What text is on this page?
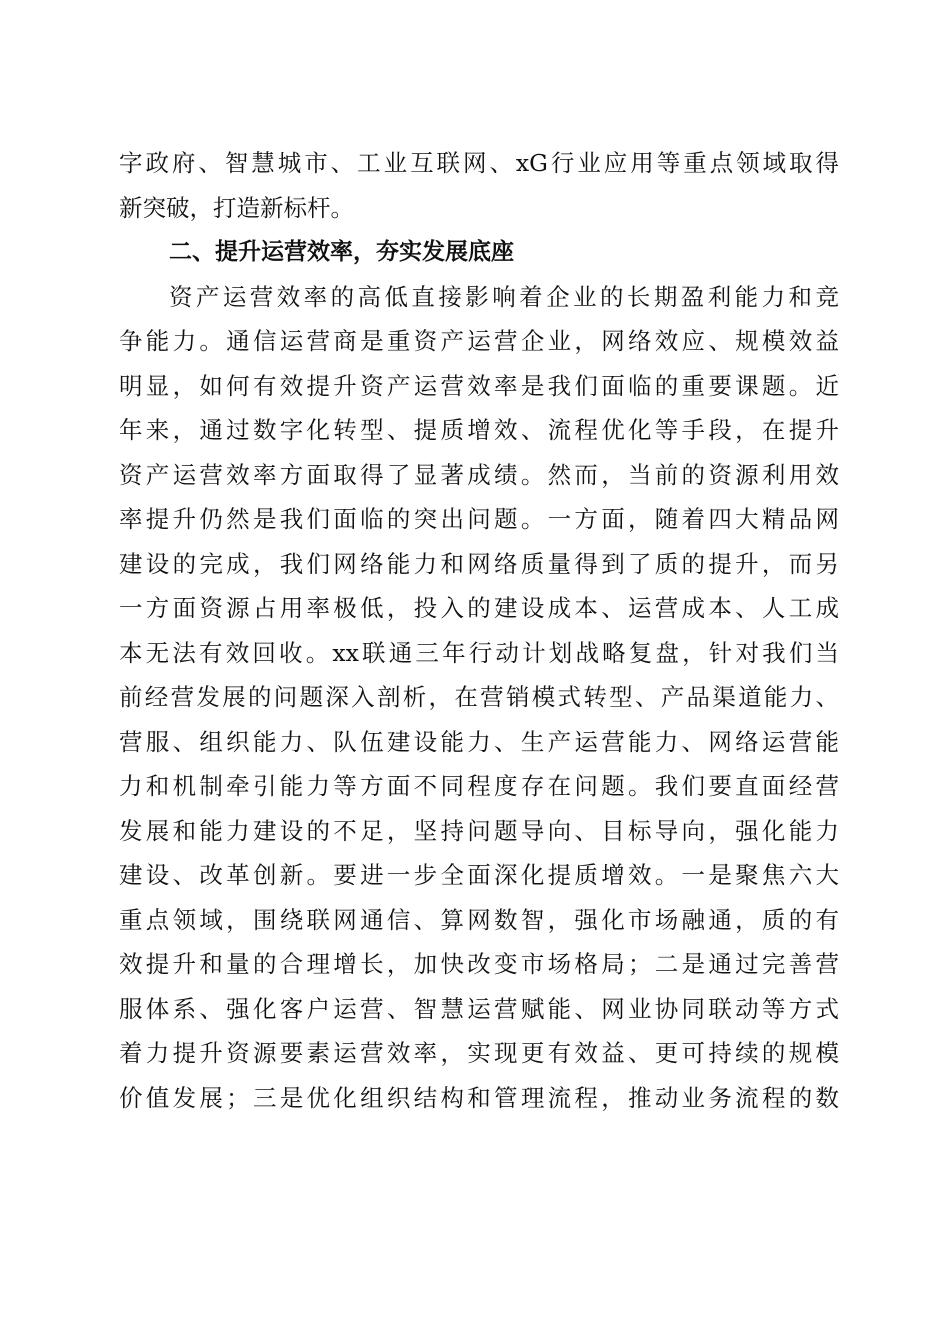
字政府、智慧城市、工业互联网、xG行业应用等重点领域取得
新突破，打造新标杆。
二、提升运营效率，夯实发展底座
资产运营效率的高低直接影响着企业的长期盈利能力和竞
争能力。通信运营商是重资产运营企业，网络效应、规模效益
明显，如何有效提升资产运营效率是我们面临的重要课题。近
年来，通过数字化转型、提质增效、流程优化等手段，在提升
资产运营效率方面取得了显著成绩。然而，当前的资源利用效
率提升仍然是我们面临的突出问题。一方面，随着四大精品网
建设的完成，我们网络能力和网络质量得到了质的提升，而另
一方面资源占用率极低，投入的建设成本、运营成本、人工成
本无法有效回收。xx联通三年行动计划战略复盘，针对我们当
前经营发展的问题深入剖析，在营销模式转型、产品渠道能力、
营服、组织能力、队伍建设能力、生产运营能力、网络运营能
力和机制牵引能力等方面不同程度存在问题。我们要直面经营
发展和能力建设的不足，坚持问题导向、目标导向，强化能力
建设、改革创新。要进一步全面深化提质增效。一是聚焦六大
重点领域，围绕联网通信、算网数智，强化市场融通，质的有
效提升和量的合理增长，加快改变市场格局；二是通过完善营
服体系、强化客户运营、智慧运营赋能、网业协同联动等方式
着力提升资源要素运营效率，实现更有效益、更可持续的规模
价值发展；三是优化组织结构和管理流程，推动业务流程的数
